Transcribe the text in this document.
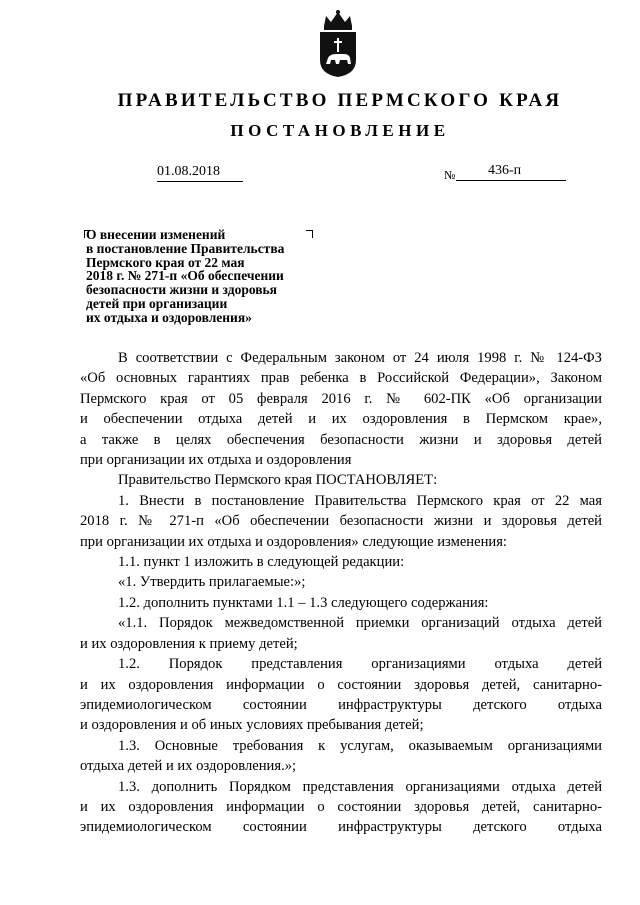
ПРАВИТЕЛЬСТВО ПЕРМСКОГО КРАЯ
ПОСТАНОВЛЕНИЕ
01.08.2018	№	436-п
О внесении изменений
в постановление Правительства
Пермского края от 22 мая
2018 г. № 271-п «Об обеспечении
безопасности жизни и здоровья
детей при организации
их отдыха и оздоровления»

В соответствии с Федеральным законом от 24 июля 1998 г. № 124-ФЗ

«Об основных гарантиях прав ребенка в Российской Федерации», Законом

Пермского края от 05 февраля 2016 г. № 602-ПК «Об организации

и обеспечении отдыха детей и их оздоровления в Пермском крае»,

а также в целях обеспечения безопасности жизни и здоровья детей

при организации их отдыха и оздоровления

Правительство Пермского края ПОСТАНОВЛЯЕТ:

1. Внести в постановление Правительства Пермского края от 22 мая

2018 г. № 271-п «Об обеспечении безопасности жизни и здоровья детей

при организации их отдыха и оздоровления» следующие изменения:

1.1. пункт 1 изложить в следующей редакции:

«1. Утвердить прилагаемые:»;

1.2. дополнить пунктами 1.1 – 1.3 следующего содержания:

«1.1. Порядок межведомственной приемки организаций отдыха детей

и их оздоровления к приему детей;

1.2. Порядок представления организациями отдыха детей

и их оздоровления информации о состоянии здоровья детей, санитарно-

эпидемиологическом состоянии инфраструктуры детского отдыха

и оздоровления и об иных условиях пребывания детей;

1.3. Основные требования к услугам, оказываемым организациями

отдыха детей и их оздоровления.»;

1.3. дополнить Порядком представления организациями отдыха детей

и их оздоровления информации о состоянии здоровья детей, санитарно-

эпидемиологическом состоянии инфраструктуры детского отдыха
